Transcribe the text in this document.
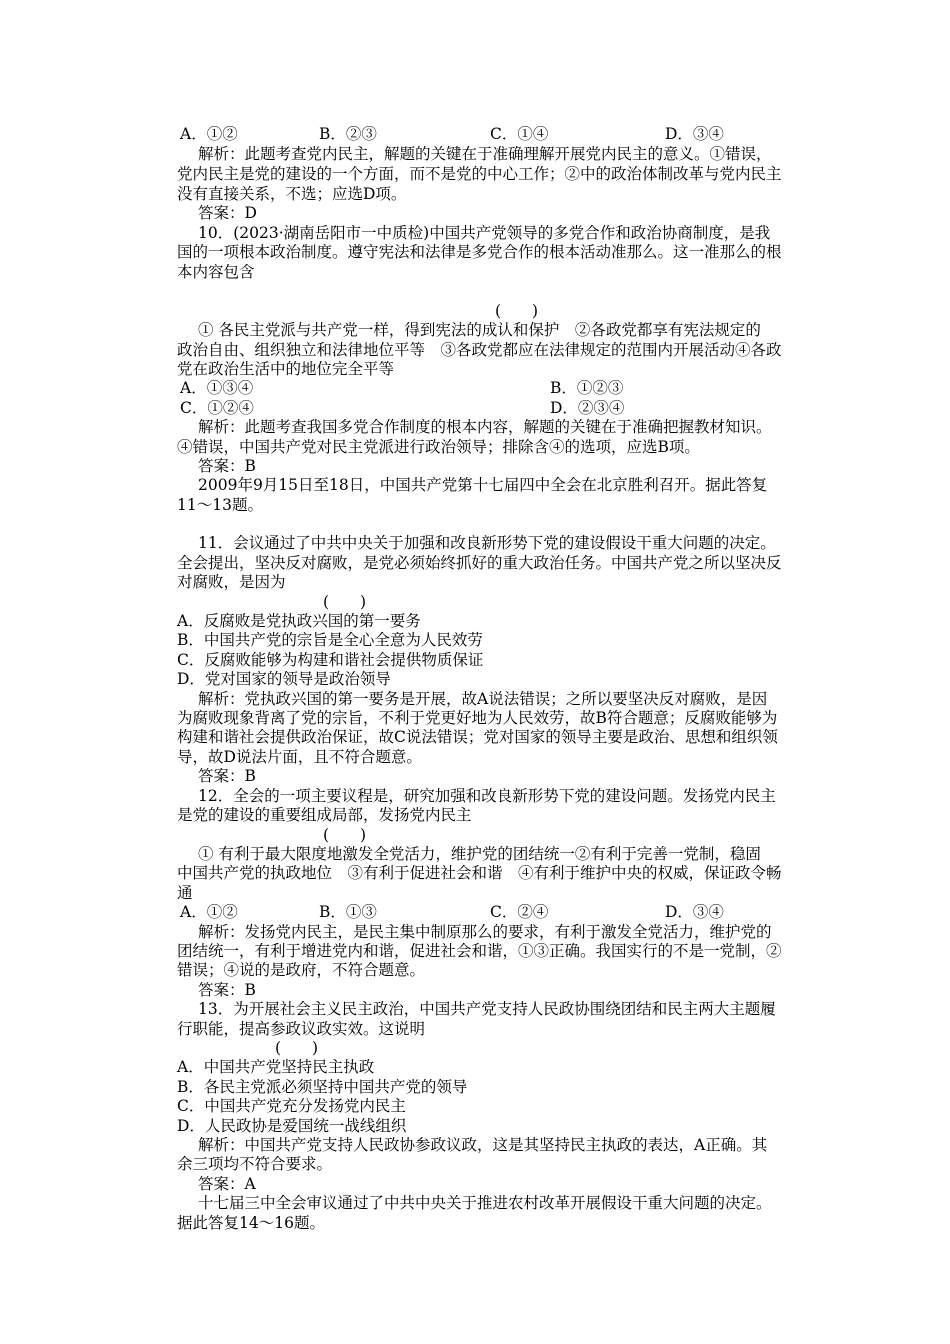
A．①②	B．②③	C．①④	D．③④
解析：此题考查党内民主，解题的关键在于准确理解开展党内民主的意义。①错误，
党内民主是党的建设的一个方面，而不是党的中心工作；②中的政治体制改革与党内民主
没有直接关系，不选；应选D项。
答案：D
10．(2023·湖南岳阳市一中质检)中国共产党领导的多党合作和政治协商制度，是我
国的一项根本政治制度。遵守宪法和法律是多党合作的根本活动准那么。这一准那么的根
本内容包含
(　　)
① 各民主党派与共产党一样，得到宪法的成认和保护　②各政党都享有宪法规定的
政治自由、组织独立和法律地位平等　③各政党都应在法律规定的范围内开展活动④各政
党在政治生活中的地位完全平等
A．①③④	B．①②③
C．①②④	D．②③④
解析：此题考查我国多党合作制度的根本内容，解题的关键在于准确把握教材知识。
④错误，中国共产党对民主党派进行政治领导；排除含④的选项，应选B项。
答案：B
2009年9月15日至18日，中国共产党第十七届四中全会在北京胜利召开。据此答复
11～13题。
11．会议通过了中共中央关于加强和改良新形势下党的建设假设干重大问题的决定。
全会提出，坚决反对腐败，是党必须始终抓好的重大政治任务。中国共产党之所以坚决反
对腐败，是因为
(　　)
A．反腐败是党执政兴国的第一要务
B．中国共产党的宗旨是全心全意为人民效劳
C．反腐败能够为构建和谐社会提供物质保证
D．党对国家的领导是政治领导
解析：党执政兴国的第一要务是开展，故A说法错误；之所以要坚决反对腐败，是因
为腐败现象背离了党的宗旨，不利于党更好地为人民效劳，故B符合题意；反腐败能够为
构建和谐社会提供政治保证，故C说法错误；党对国家的领导主要是政治、思想和组织领
导，故D说法片面，且不符合题意。
答案：B
12．全会的一项主要议程是，研究加强和改良新形势下党的建设问题。发扬党内民主
是党的建设的重要组成局部，发扬党内民主
(　　)
① 有利于最大限度地激发全党活力，维护党的团结统一②有利于完善一党制，稳固
中国共产党的执政地位　③有利于促进社会和谐　④有利于维护中央的权威，保证政令畅
通
A．①②	B．①③	C．②④	D．③④
解析：发扬党内民主，是民主集中制原那么的要求，有利于激发全党活力，维护党的
团结统一，有利于增进党内和谐，促进社会和谐，①③正确。我国实行的不是一党制，②
错误；④说的是政府，不符合题意。
答案：B
13．为开展社会主义民主政治，中国共产党支持人民政协围绕团结和民主两大主题履
行职能，提高参政议政实效。这说明
(　　)
A．中国共产党坚持民主执政
B．各民主党派必须坚持中国共产党的领导
C．中国共产党充分发扬党内民主
D．人民政协是爱国统一战线组织
解析：中国共产党支持人民政协参政议政，这是其坚持民主执政的表达，A正确。其
余三项均不符合要求。
答案：A
十七届三中全会审议通过了中共中央关于推进农村改革开展假设干重大问题的决定。
据此答复14～16题。
